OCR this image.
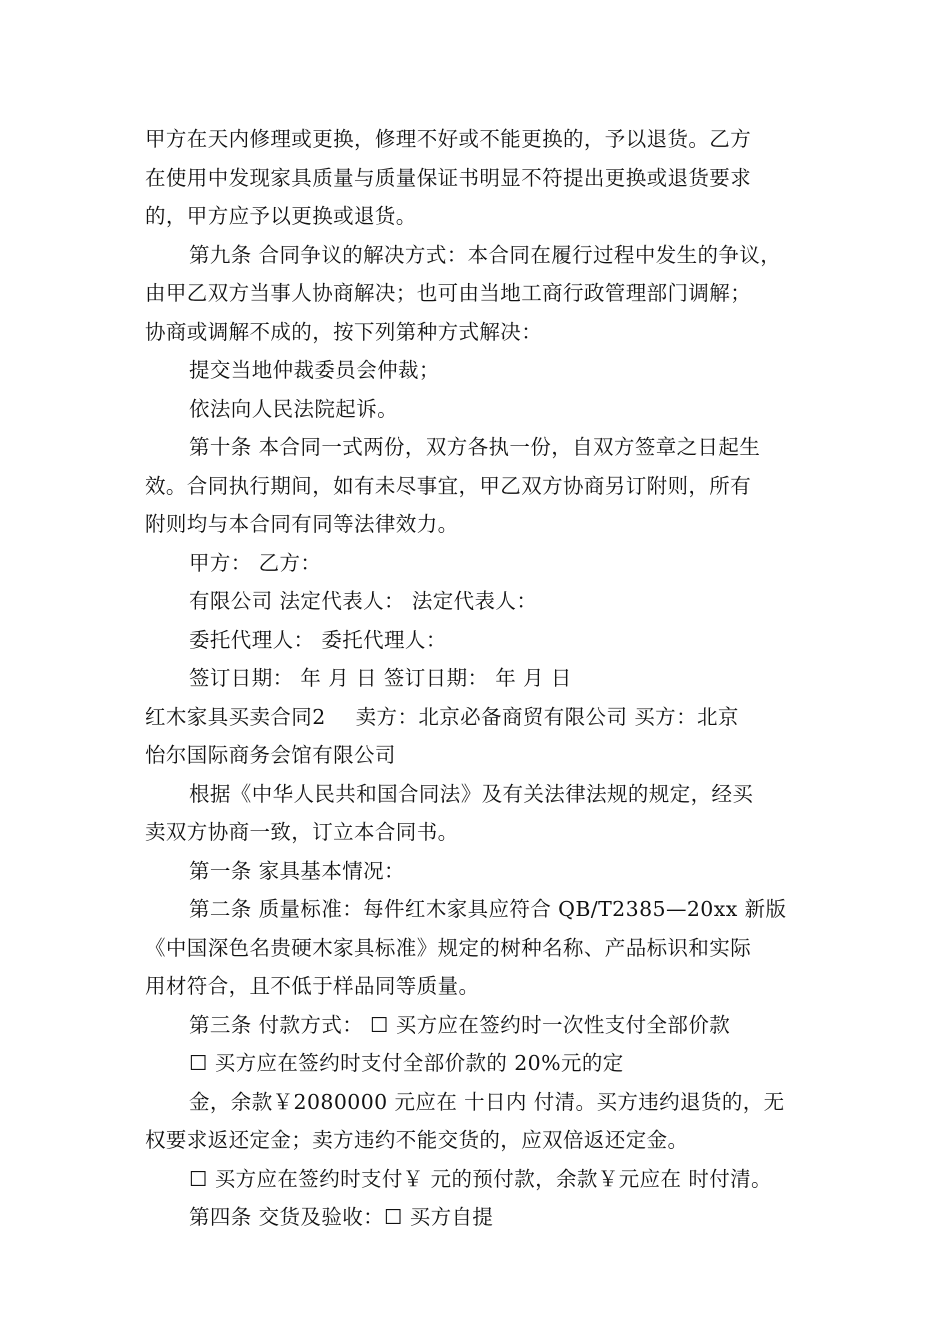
甲方在天内修理或更换，修理不好或不能更换的，予以退货。乙方
在使用中发现家具质量与质量保证书明显不符提出更换或退货要求
的，甲方应予以更换或退货。
第九条 合同争议的解决方式：本合同在履行过程中发生的争议，
由甲乙双方当事人协商解决；也可由当地工商行政管理部门调解；
协商或调解不成的，按下列第种方式解决：
提交当地仲裁委员会仲裁；
依法向人民法院起诉。
第十条 本合同一式两份，双方各执一份，自双方签章之日起生
效。合同执行期间，如有未尽事宜，甲乙双方协商另订附则，所有
附则均与本合同有同等法律效力。
甲方： 乙方：
有限公司 法定代表人： 法定代表人：
委托代理人： 委托代理人：
签订日期： 年 月 日 签订日期： 年 月 日
红木家具买卖合同2 卖方：北京必备商贸有限公司 买方：北京
怡尔国际商务会馆有限公司
根据《中华人民共和国合同法》及有关法律法规的规定，经买
卖双方协商一致，订立本合同书。
第一条 家具基本情况：
第二条 质量标准：每件红木家具应符合 QB/T2385—20xx 新版
《中国深色名贵硬木家具标准》规定的树种名称、产品标识和实际
用材符合，且不低于样品同等质量。
第三条 付款方式： ☐ 买方应在签约时一次性支付全部价款
☐ 买方应在签约时支付全部价款的 20%元的定
金，余款￥2080000 元应在 十日内 付清。买方违约退货的，无
权要求返还定金；卖方违约不能交货的，应双倍返还定金。
☐ 买方应在签约时支付￥ 元的预付款，余款￥元应在 时付清。
第四条 交货及验收：☐ 买方自提
